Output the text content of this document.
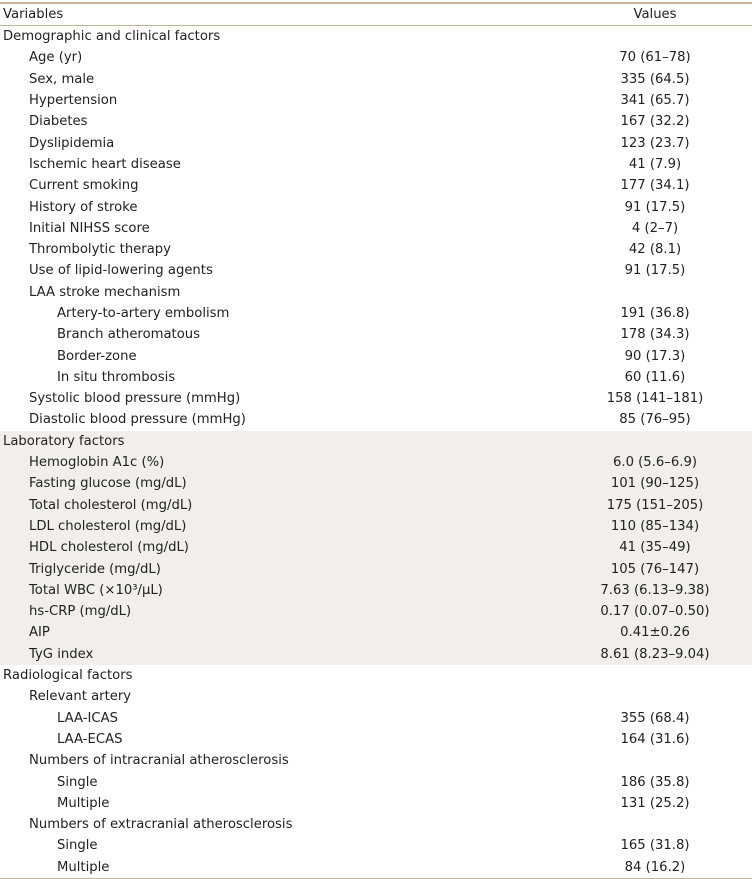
Variables	Values
Demographic and clinical factors
Age (yr)	70 (61–78)
Sex, male	335 (64.5)
Hypertension	341 (65.7)
Diabetes	167 (32.2)
Dyslipidemia	123 (23.7)
Ischemic heart disease	41 (7.9)
Current smoking	177 (34.1)
History of stroke	91 (17.5)
Initial NIHSS score	4 (2–7)
Thrombolytic therapy	42 (8.1)
Use of lipid-lowering agents	91 (17.5)
LAA stroke mechanism
Artery-to-artery embolism	191 (36.8)
Branch atheromatous	178 (34.3)
Border-zone	90 (17.3)
In situ thrombosis	60 (11.6)
Systolic blood pressure (mmHg)	158 (141–181)
Diastolic blood pressure (mmHg)	85 (76–95)
Laboratory factors
Hemoglobin A1c (%)	6.0 (5.6–6.9)
Fasting glucose (mg/dL)	101 (90–125)
Total cholesterol (mg/dL)	175 (151–205)
LDL cholesterol (mg/dL)	110 (85–134)
HDL cholesterol (mg/dL)	41 (35–49)
Triglyceride (mg/dL)	105 (76–147)
Total WBC (×10³/μL)	7.63 (6.13–9.38)
hs-CRP (mg/dL)	0.17 (0.07–0.50)
AIP	0.41±0.26
TyG index	8.61 (8.23–9.04)
Radiological factors
Relevant artery
LAA-ICAS	355 (68.4)
LAA-ECAS	164 (31.6)
Numbers of intracranial atherosclerosis
Single	186 (35.8)
Multiple	131 (25.2)
Numbers of extracranial atherosclerosis
Single	165 (31.8)
Multiple	84 (16.2)
